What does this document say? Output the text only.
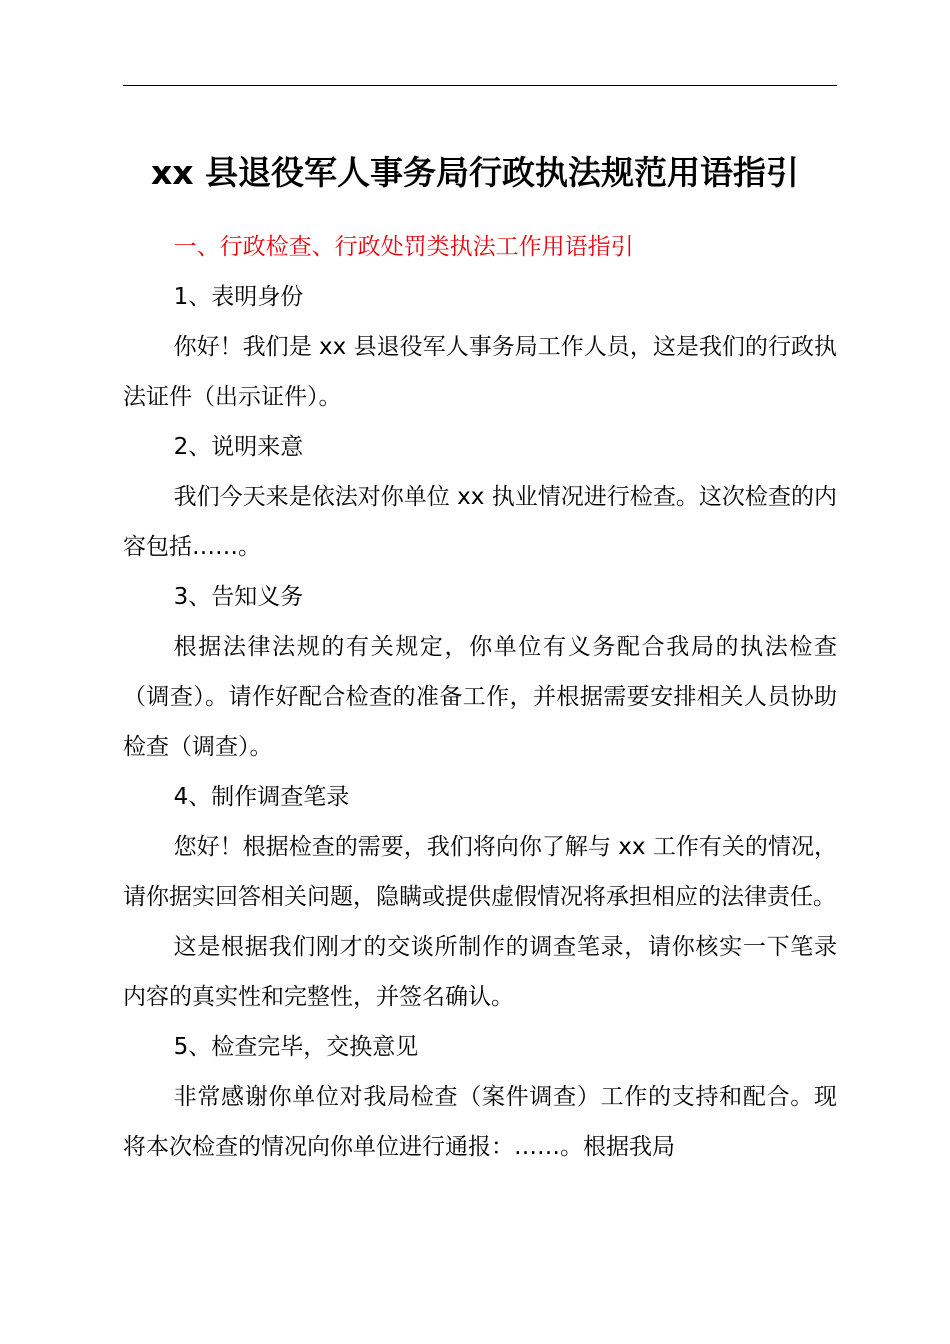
xx 县退役军人事务局行政执法规范用语指引

一、行政检查、行政处罚类执法工作用语指引

1、表明身份

你好！我们是 xx 县退役军人事务局工作人员，这是我们的行政执法证件（出示证件）。

2、说明来意

我们今天来是依法对你单位 xx 执业情况进行检查。这次检查的内容包括……。

3、告知义务

根据法律法规的有关规定，你单位有义务配合我局的执法检查（调查）。请作好配合检查的准备工作，并根据需要安排相关人员协助检查（调查）。

4、制作调查笔录

您好！根据检查的需要，我们将向你了解与 xx 工作有关的情况，请你据实回答相关问题，隐瞒或提供虚假情况将承担相应的法律责任。

这是根据我们刚才的交谈所制作的调查笔录，请你核实一下笔录内容的真实性和完整性，并签名确认。

5、检查完毕，交换意见

非常感谢你单位对我局检查（案件调查）工作的支持和配合。现将本次检查的情况向你单位进行通报：……。根据我局
